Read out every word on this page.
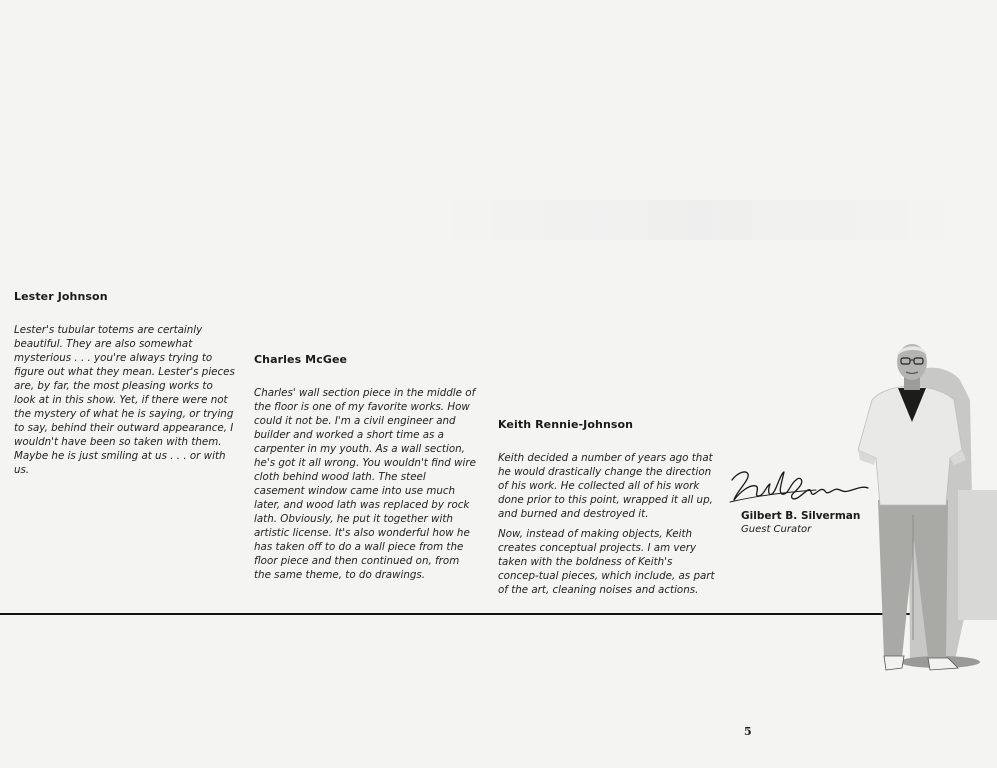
Lester Johnson

Lester's tubular totems are certainly beautiful. They are also somewhat mysterious . . . you're always trying to figure out what they mean. Lester's pieces are, by far, the most pleasing works to look at in this show. Yet, if there were not the mystery of what he is saying, or trying to say, behind their outward appearance, I wouldn't have been so taken with them. Maybe he is just smiling at us . . . or with us.

Charles McGee

Charles' wall section piece in the middle of the floor is one of my favorite works. How could it not be. I'm a civil engineer and builder and worked a short time as a carpenter in my youth. As a wall section, he's got it all wrong. You wouldn't find wire cloth behind wood lath. The steel casement window came into use much later, and wood lath was replaced by rock lath. Obviously, he put it together with artistic license. It's also wonderful how he has taken off to do a wall piece from the floor piece and then continued on, from the same theme, to do drawings.

Keith Rennie-Johnson

Keith decided a number of years ago that he would drastically change the direction of his work. He collected all of his work done prior to this point, wrapped it all up, and burned and destroyed it.

Now, instead of making objects, Keith creates conceptual projects. I am very taken with the boldness of Keith's concep-tual pieces, which include, as part of the art, cleaning noises and actions.

Gilbert B. Silverman

Guest Curator

5
